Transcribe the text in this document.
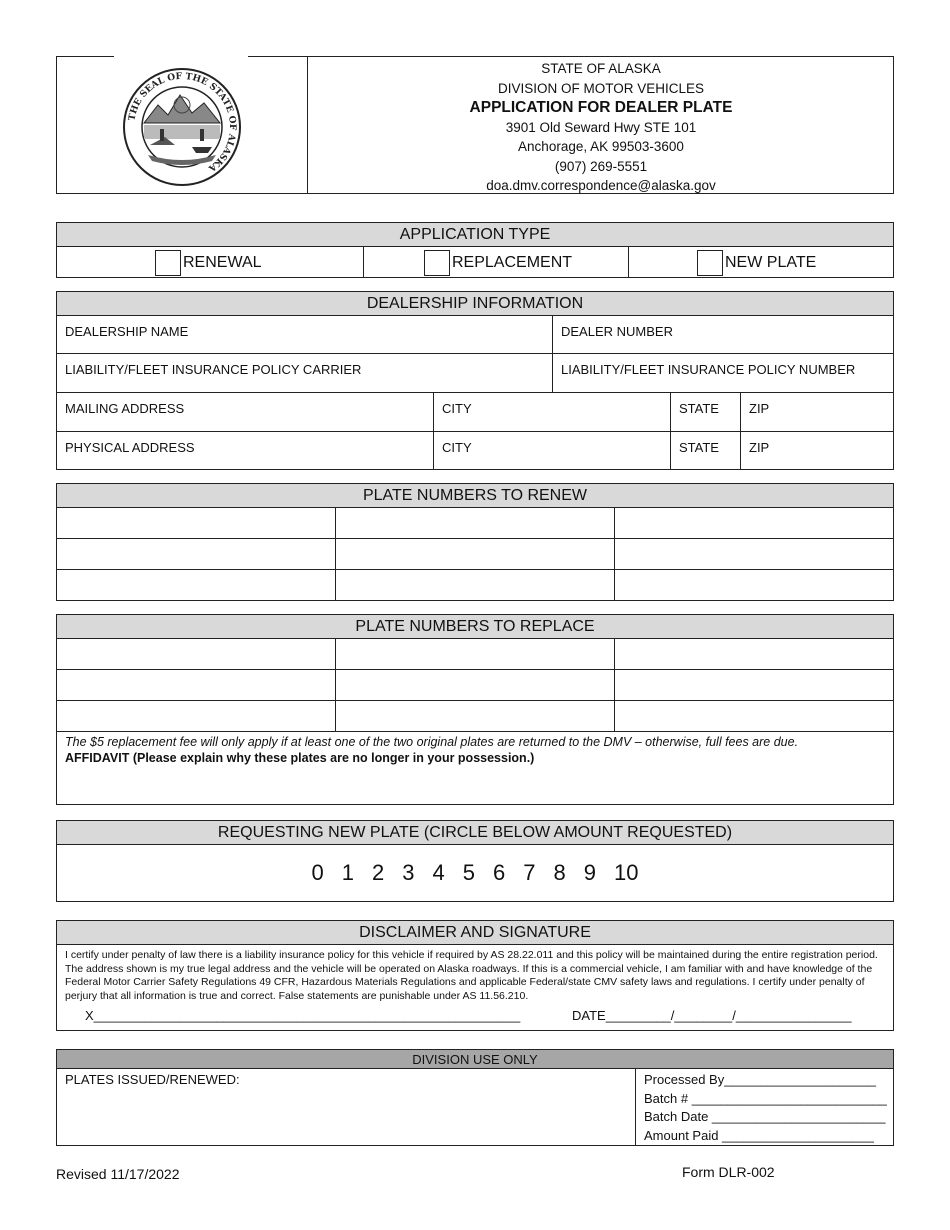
THE SEAL OF THE STATE OF ALASKA
STATE OF ALASKA
DIVISION OF MOTOR VEHICLES
APPLICATION FOR DEALER PLATE
3901 Old Seward Hwy STE 101
Anchorage, AK 99503-3600
(907) 269-5551
doa.dmv.correspondence@alaska.gov
APPLICATION TYPE
RENEWAL	REPLACEMENT	NEW PLATE
DEALERSHIP INFORMATION
DEALERSHIP NAME	DEALER NUMBER
LIABILITY/FLEET INSURANCE POLICY CARRIER	LIABILITY/FLEET INSURANCE POLICY NUMBER
MAILING ADDRESS	CITY	STATE	ZIP
PHYSICAL ADDRESS	CITY	STATE	ZIP
PLATE NUMBERS TO RENEW
PLATE NUMBERS TO REPLACE
The $5 replacement fee will only apply if at least one of the two original plates are returned to the DMV – otherwise, full fees are due.
AFFIDAVIT (Please explain why these plates are no longer in your possession.)
REQUESTING NEW PLATE (CIRCLE BELOW AMOUNT REQUESTED)
0 1 2 3 4 5 6 7 8 9 10
DISCLAIMER AND SIGNATURE
I certify under penalty of law there is a liability insurance policy for this vehicle if required by AS 28.22.011 and this policy will be maintained during the entire registration period. The address shown is my true legal address and the vehicle will be operated on Alaska roadways. If this is a commercial vehicle, I am familiar with and have knowledge of the Federal Motor Carrier Safety Regulations 49 CFR, Hazardous Materials Regulations and applicable Federal/state CMV safety laws and regulations. I certify under penalty of perjury that all information is true and correct. False statements are punishable under AS 11.56.210.
X___________________________________________________________	DATE_________/________/________________
DIVISION USE ONLY
PLATES ISSUED/RENEWED:	Processed By_____________________
Batch # ___________________________
Batch Date ________________________
Amount Paid _____________________
Revised 11/17/2022	Form DLR-002
